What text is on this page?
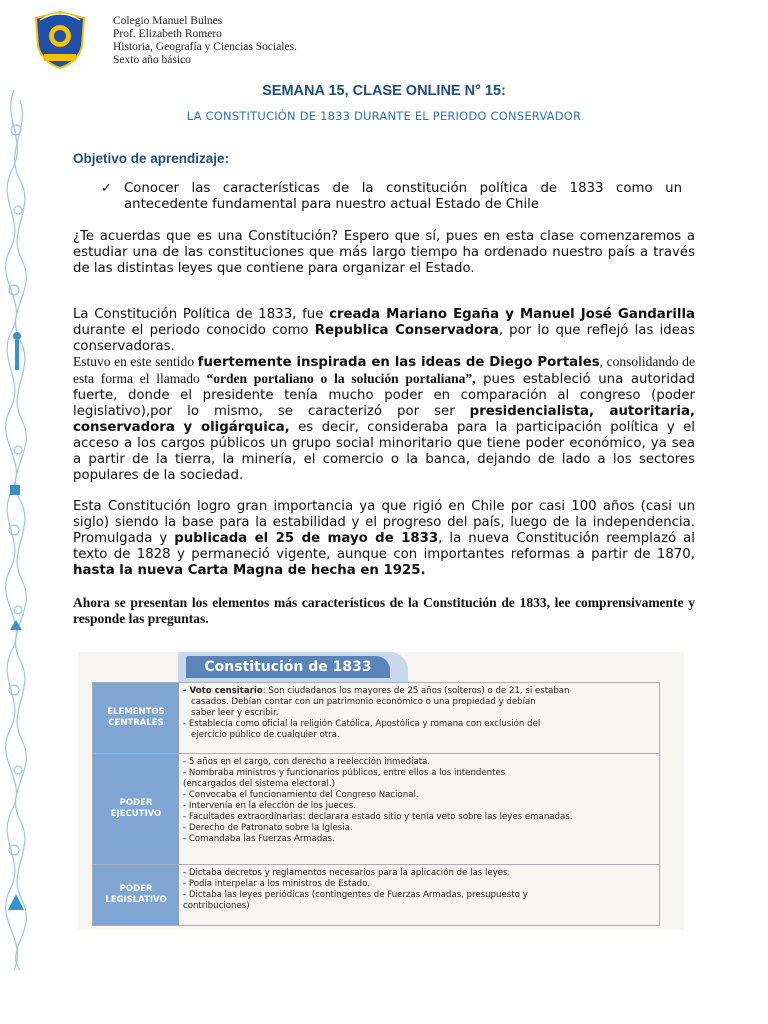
Colegio Manuel Bulnes
Prof. Elizabeth Romero
Historia, Geografía y Ciencias Sociales.
Sexto año básico
SEMANA 15, CLASE ONLINE N° 15:
LA CONSTITUCIÓN DE 1833 DURANTE EL PERIODO CONSERVADOR
Objetivo de aprendizaje:
✓ Conocer las características de la constitución política de 1833 como un antecedente fundamental para nuestro actual Estado de Chile
¿Te acuerdas que es una Constitución? Espero que sí, pues en esta clase comenzaremos a estudiar una de las constituciones que más largo tiempo ha ordenado nuestro país a través de las distintas leyes que contiene para organizar el Estado.
La Constitución Política de 1833, fue creada Mariano Egaña y Manuel José Gandarilla durante el periodo conocido como Republica Conservadora, por lo que reflejó las ideas conservadoras.
Estuvo en este sentido fuertemente inspirada en las ideas de Diego Portales, consolidando de esta forma el llamado “orden portaliano o la solución portaliana”, pues estableció una autoridad fuerte, donde el presidente tenía mucho poder en comparación al congreso (poder legislativo),por lo mismo, se caracterizó por ser presidencialista, autoritaria, conservadora y oligárquica, es decir, consideraba para la participación política y el acceso a los cargos públicos un grupo social minoritario que tiene poder económico, ya sea a partir de la tierra, la minería, el comercio o la banca, dejando de lado a los sectores populares de la sociedad.
Esta Constitución logro gran importancia ya que rigió en Chile por casi 100 años (casi un siglo) siendo la base para la estabilidad y el progreso del país, luego de la independencia. Promulgada y publicada el 25 de mayo de 1833, la nueva Constitución reemplazó al texto de 1828 y permaneció vigente, aunque con importantes reformas a partir de 1870, hasta la nueva Carta Magna de hecha en 1925.
Ahora se presentan los elementos más característicos de la Constitución de 1833, lee comprensivamente y responde las preguntas.
Constitución de 1833
ELEMENTOS CENTRALES
- Voto censitario: Son ciudadanos los mayores de 25 años (solteros) o de 21, si estaban
casados. Debían contar con un patrimonio económico o una propiedad y debían
saber leer y escribir.
- Establecía como oficial la religión Católica, Apostólica y romana con exclusión del
ejercicio público de cualquier otra.
PODER EJECUTIVO
- 5 años en el cargo, con derecho a reelección inmediata.
- Nombraba ministros y funcionarios públicos, entre ellos a los intendentes
(encargados del sistema electoral.)
- Convocaba el funcionamiento del Congreso Nacional.
- Intervenía en la elección de los jueces.
- Facultades extraordinarias: declarara estado sitio y tenía veto sobre las leyes emanadas.
- Derecho de Patronato sobre la Iglesia.
- Comandaba las Fuerzas Armadas.
PODER LEGISLATIVO
- Dictaba decretos y reglamentos necesarios para la aplicación de las leyes.
- Podía interpelar a los ministros de Estado.
- Dictaba las leyes periódicas (contingentes de Fuerzas Armadas, presupuesto y
contribuciones)
